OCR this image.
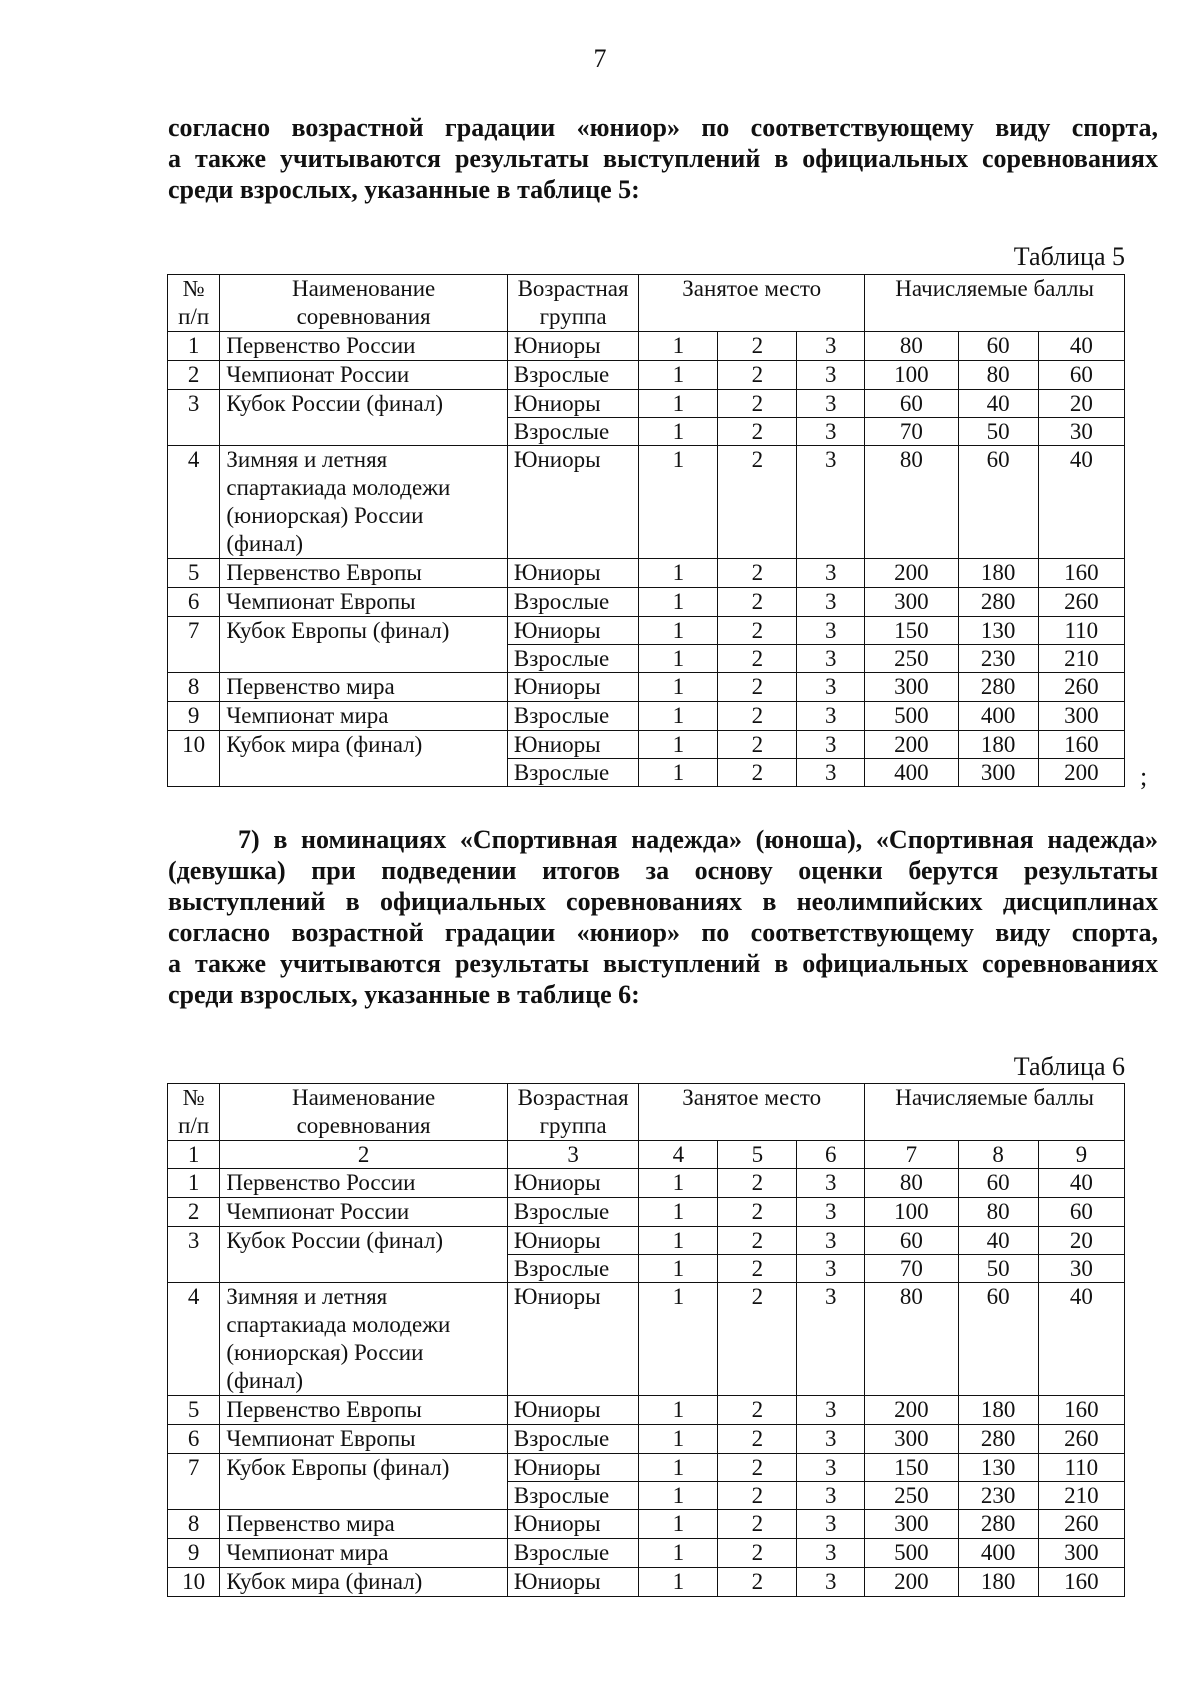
7

согласно возрастной градации «юниор» по соответствующему виду спорта,
а также учитываются результаты выступлений в официальных соревнованиях
среди взрослых, указанные в таблице 5:

Таблица 5
№ п/п	Наименование соревнования	Возрастная группа	Занятое место			Начисляемые баллы		
1	Первенство России	Юниоры	1	2	3	80	60	40
2	Чемпионат России	Взрослые	1	2	3	100	80	60
3	Кубок России (финал)	Юниоры	1	2	3	60	40	20
		Взрослые	1	2	3	70	50	30
4	Зимняя и летняя спартакиада молодежи (юниорская) России (финал)	Юниоры	1	2	3	80	60	40
5	Первенство Европы	Юниоры	1	2	3	200	180	160
6	Чемпионат Европы	Взрослые	1	2	3	300	280	260
7	Кубок Европы (финал)	Юниоры	1	2	3	150	130	110
		Взрослые	1	2	3	250	230	210
8	Первенство мира	Юниоры	1	2	3	300	280	260
9	Чемпионат мира	Взрослые	1	2	3	500	400	300
10	Кубок мира (финал)	Юниоры	1	2	3	200	180	160
		Взрослые	1	2	3	400	300	200 ;

7) в номинациях «Спортивная надежда» (юноша), «Спортивная надежда»
(девушка) при подведении итогов за основу оценки берутся результаты
выступлений в официальных соревнованиях в неолимпийских дисциплинах
согласно возрастной градации «юниор» по соответствующему виду спорта,
а также учитываются результаты выступлений в официальных соревнованиях
среди взрослых, указанные в таблице 6:

Таблица 6
№ п/п	Наименование соревнования	Возрастная группа	Занятое место			Начисляемые баллы		
1	2	3	4	5	6	7	8	9
1	Первенство России	Юниоры	1	2	3	80	60	40
2	Чемпионат России	Взрослые	1	2	3	100	80	60
3	Кубок России (финал)	Юниоры	1	2	3	60	40	20
		Взрослые	1	2	3	70	50	30
4	Зимняя и летняя спартакиада молодежи (юниорская) России (финал)	Юниоры	1	2	3	80	60	40
5	Первенство Европы	Юниоры	1	2	3	200	180	160
6	Чемпионат Европы	Взрослые	1	2	3	300	280	260
7	Кубок Европы (финал)	Юниоры	1	2	3	150	130	110
		Взрослые	1	2	3	250	230	210
8	Первенство мира	Юниоры	1	2	3	300	280	260
9	Чемпионат мира	Взрослые	1	2	3	500	400	300
10	Кубок мира (финал)	Юниоры	1	2	3	200	180	160
